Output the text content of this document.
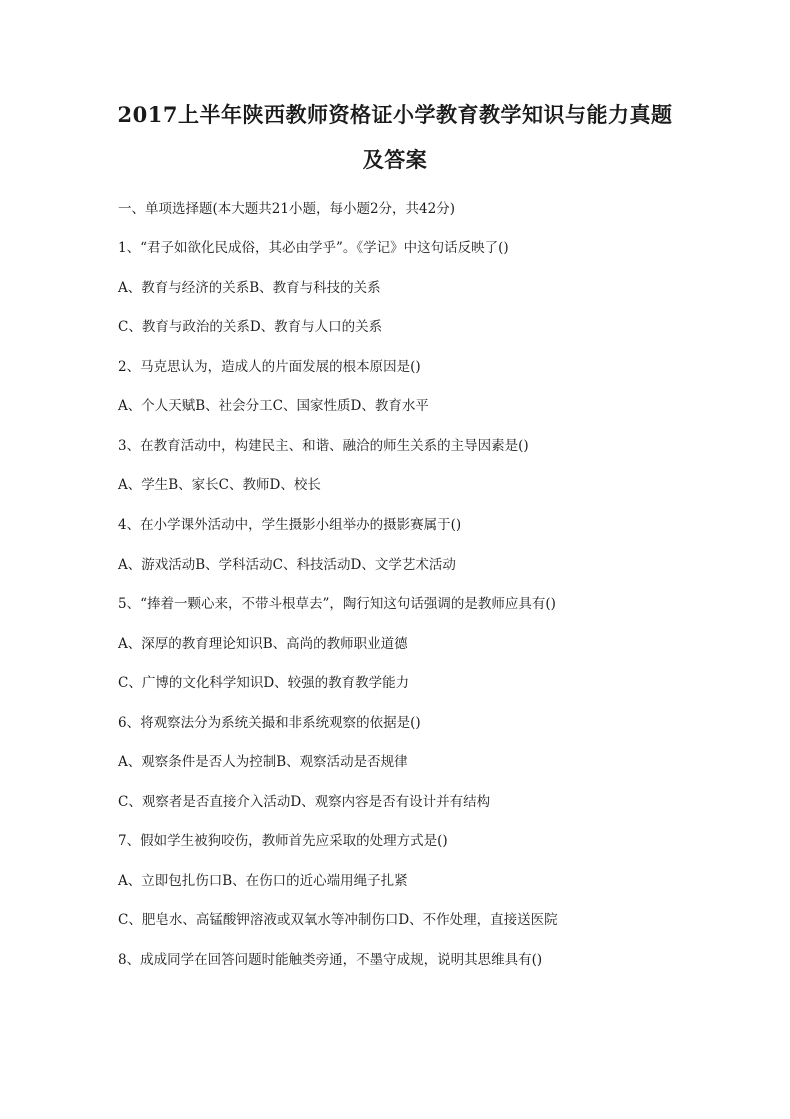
2017上半年陕西教师资格证小学教育教学知识与能力真题
及答案
一、单项选择题(本大题共21小题，每小题2分，共42分)
1、“君子如欲化民成俗，其必由学乎”。《学记》中这句话反映了()
A、教育与经济的关系B、教育与科技的关系
C、教育与政治的关系D、教育与人口的关系
2、马克思认为，造成人的片面发展的根本原因是()
A、个人天赋B、社会分工C、国家性质D、教育水平
3、在教育活动中，构建民主、和谐、融洽的师生关系的主导因素是()
A、学生B、家长C、教师D、校长
4、在小学课外活动中，学生摄影小组举办的摄影赛属于()
A、游戏活动B、学科活动C、科技活动D、文学艺术活动
5、“捧着一颗心来，不带斗根草去”，陶行知这句话强调的是教师应具有()
A、深厚的教育理论知识B、高尚的教师职业道德
C、广博的文化科学知识D、较强的教育教学能力
6、将观察法分为系统关撮和非系统观察的依据是()
A、观察条件是否人为控制B、观察活动是否规律
C、观察者是否直接介入活动D、观察内容是否有设计并有结构
7、假如学生被狗咬伤，教师首先应采取的处理方式是()
A、立即包扎伤口B、在伤口的近心端用绳子扎紧
C、肥皂水、高锰酸钾溶液或双氧水等冲制伤口D、不作处理，直接送医院
8、成成同学在回答问题时能触类旁通，不墨守成规，说明其思维具有()
